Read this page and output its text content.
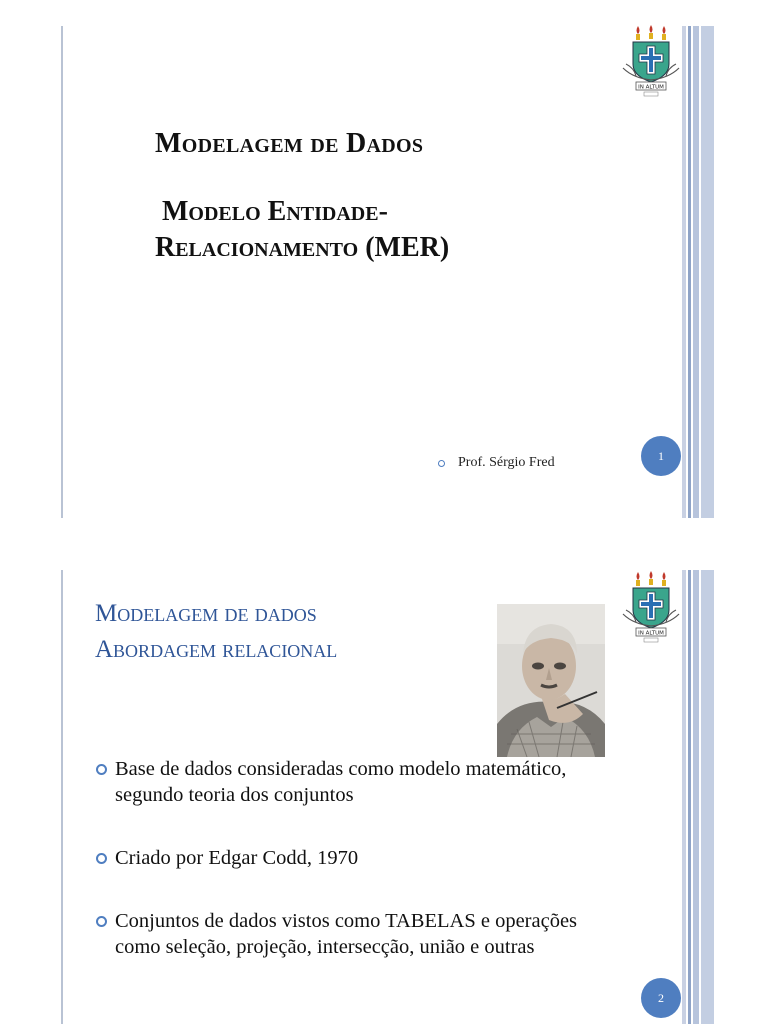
IN ALTUM
Modelagem de Dados
Modelo Entidade-
Relacionamento (MER)
Prof. Sérgio Fred	1
IN ALTUM
Modelagem de dados
Abordagem relacional
Base de dados consideradas como modelo matemático,
segundo teoria dos conjuntos
Criado por Edgar Codd, 1970
Conjuntos de dados vistos como TABELAS e operações
como seleção, projeção, intersecção, união e outras
2
